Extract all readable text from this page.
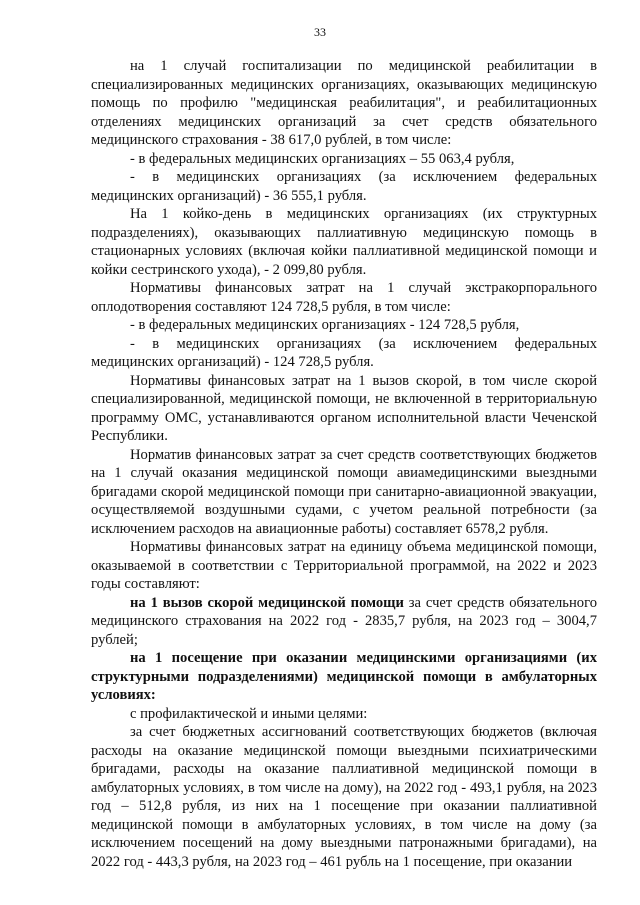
33

на 1 случай госпитализации по медицинской реабилитации в специализированных медицинских организациях, оказывающих медицинскую помощь по профилю "медицинская реабилитация", и реабилитационных отделениях медицинских организаций за счет средств обязательного медицинского страхования - 38 617,0 рублей, в том числе:

- в федеральных медицинских организациях – 55 063,4 рубля,

- в медицинских организациях (за исключением федеральных медицинских организаций) - 36 555,1 рубля.

На 1 койко-день в медицинских организациях (их структурных подразделениях), оказывающих паллиативную медицинскую помощь в стационарных условиях (включая койки паллиативной медицинской помощи и койки сестринского ухода), - 2 099,80 рубля.

Нормативы финансовых затрат на 1 случай экстракорпорального оплодотворения составляют 124 728,5 рубля, в том числе:

- в федеральных медицинских организациях - 124 728,5 рубля,

- в медицинских организациях (за исключением федеральных медицинских организаций) - 124 728,5 рубля.

Нормативы финансовых затрат на 1 вызов скорой, в том числе скорой специализированной, медицинской помощи, не включенной в территориальную программу ОМС, устанавливаются органом исполнительной власти Чеченской Республики.

Норматив финансовых затрат за счет средств соответствующих бюджетов на 1 случай оказания медицинской помощи авиамедицинскими выездными бригадами скорой медицинской помощи при санитарно-авиационной эвакуации, осуществляемой воздушными судами, с учетом реальной потребности (за исключением расходов на авиационные работы) составляет 6578,2 рубля.

Нормативы финансовых затрат на единицу объема медицинской помощи, оказываемой в соответствии с Территориальной программой, на 2022 и 2023 годы составляют:

на 1 вызов скорой медицинской помощи за счет средств обязательного медицинского страхования на 2022 год - 2835,7 рубля, на 2023 год – 3004,7 рублей;

на 1 посещение при оказании медицинскими организациями (их структурными подразделениями) медицинской помощи в амбулаторных условиях:

с профилактической и иными целями:

за счет бюджетных ассигнований соответствующих бюджетов (включая расходы на оказание медицинской помощи выездными психиатрическими бригадами, расходы на оказание паллиативной медицинской помощи в амбулаторных условиях, в том числе на дому), на 2022 год - 493,1 рубля, на 2023 год – 512,8 рубля, из них на 1 посещение при оказании паллиативной медицинской помощи в амбулаторных условиях, в том числе на дому (за исключением посещений на дому выездными патронажными бригадами), на 2022 год - 443,3 рубля, на 2023 год – 461 рубль на 1 посещение, при оказании
